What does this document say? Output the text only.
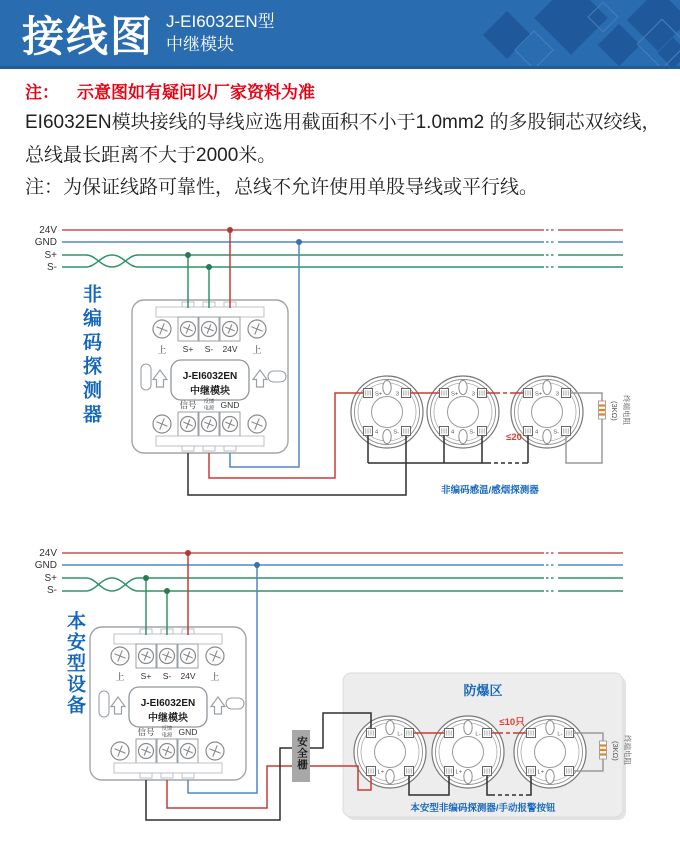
接线图 J-EI6032EN型
中继模块
注： 示意图如有疑问以厂家资料为准
EI6032EN模块接线的导线应选用截面积不小于1.0mm2 的多股铜芯双绞线，
总线最长距离不大于2000米。
注：为保证线路可靠性，总线不允许使用单股导线或平行线。
非编码探测器
本安型设备
安全栅
24V
GND
S+
S-
上 S+ S- 24V 上
J-EI6032EN
中继模块
信号 反馈
电源 GND
S+ 3
4	S-
S+ 3
4	S-
S+ 3
4	S-
(3KΩ) 终端电阻
≤20
非编码感温/感烟探测器
24V
GND
S+
S-
防爆区
上 S+ S- 24V 上
J-EI6032EN
中继模块
信号 反馈
电源 GND	L-
L+
L-
L+
L-
L+
(3KΩ) 终端电阻
≤10只
本安型非编码探测器/手动报警按钮
